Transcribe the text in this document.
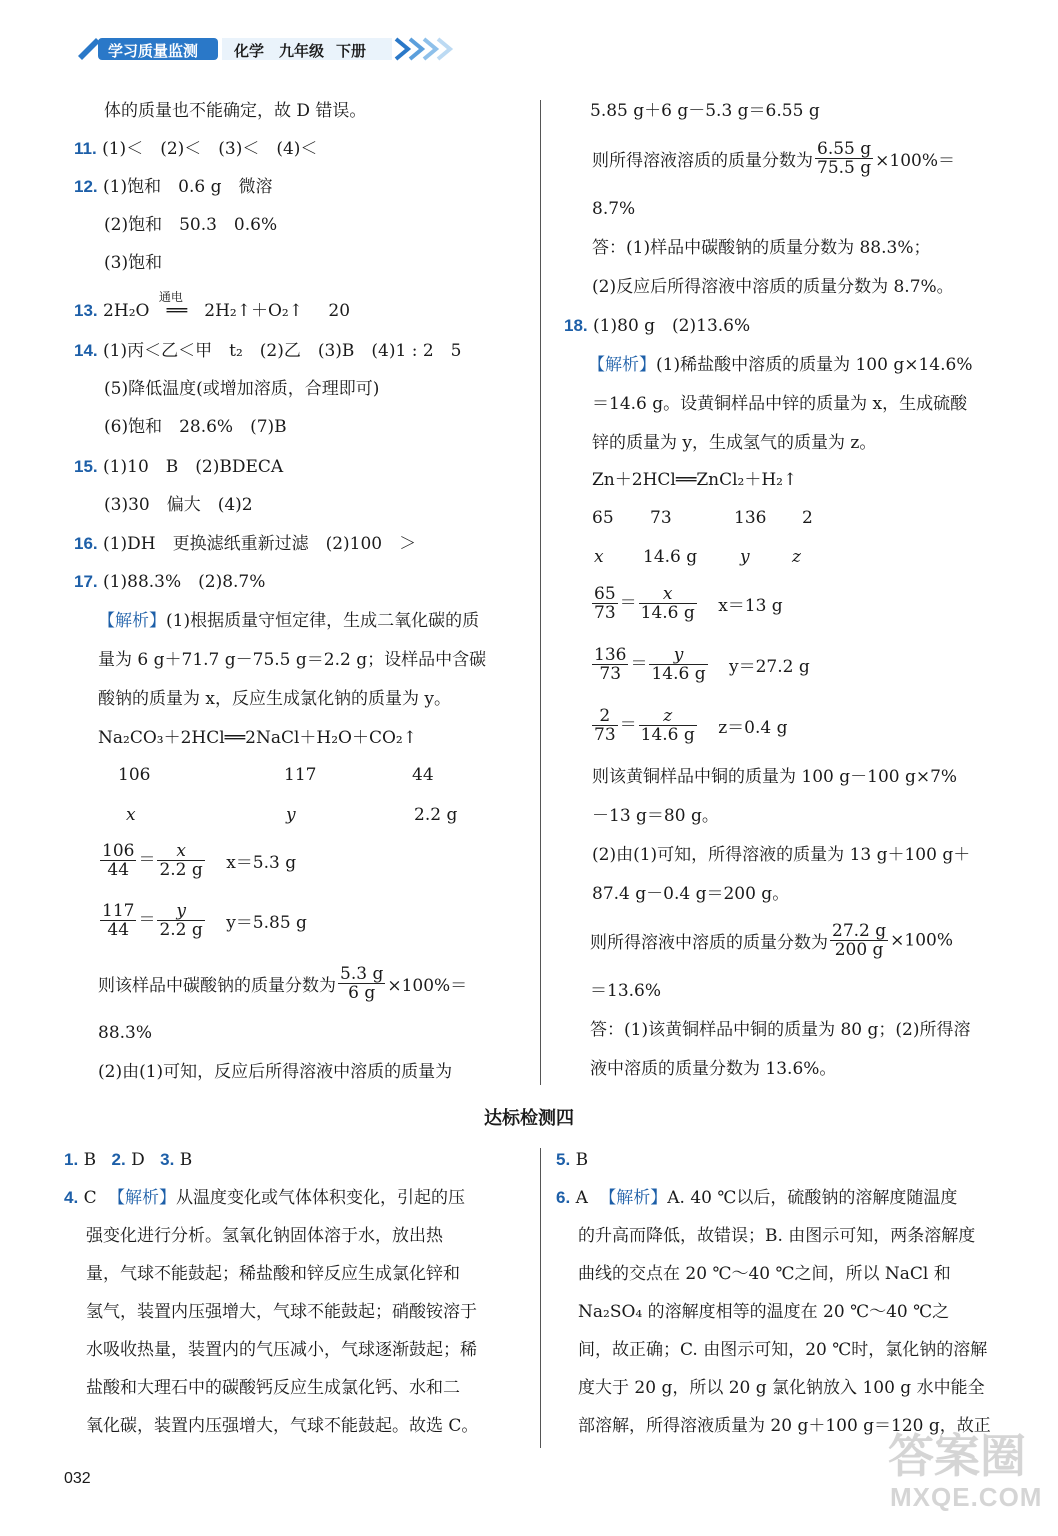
学习质量监测 化学 九年级 下册
体的质量也不能确定，故 D 错误。
11. (1)＜　(2)＜　(3)＜　(4)＜
12. (1)饱和　0.6 g　微溶
(2)饱和　50.3　0.6%
(3)饱和
13. 2H₂O
通电
══ 2H₂↑＋O₂↑ 20
14. (1)丙＜乙＜甲　t₂　(2)乙　(3)B　(4)1 : 2　5
(5)降低温度(或增加溶质，合理即可)
(6)饱和　28.6%　(7)B
15. (1)10　B　(2)BDECA
(3)30　偏大　(4)2
16. (1)DH　更换滤纸重新过滤　(2)100　＞
17. (1)88.3%　(2)8.7%
【解析】(1)根据质量守恒定律，生成二氧化碳的质
量为 6 g＋71.7 g－75.5 g＝2.2 g；设样品中含碳
酸钠的质量为 x，反应生成氯化钠的质量为 y。
Na₂CO₃＋2HCl══2NaCl＋H₂O＋CO₂↑
106	117	44
x	y	2.2 g
$\frac{106}{44} = \frac{x}{2.2 g} x=5.3$ g
$\frac{117}{44} = \frac{y}{2.2 g} y=5.85$ g
则该样品中碳酸钠的质量分数为 $\frac{5.3 g}{6 g} \times 100\%=$
88.3%
(2)由(1)可知，反应后所得溶液中溶质的质量为
5.85 g＋6 g－5.3 g＝6.55 g
则所得溶液溶质的质量分数为 $\frac{6.55 g}{75.5 g} \times 100\%=$
8.7%
答：(1)样品中碳酸钠的质量分数为 88.3%；
(2)反应后所得溶液中溶质的质量分数为 8.7%。
18. (1)80 g　(2)13.6%
【解析】(1)稀盐酸中溶质的质量为 100 g×14.6%
＝14.6 g。设黄铜样品中锌的质量为 x，生成硫酸
锌的质量为 y，生成氢气的质量为 z。
Zn＋2HCl══ZnCl₂＋H₂↑
65 73	136 2
x 14.6 g	y z
$\frac{65}{73} = \frac{x}{14.6 g} x=13$ g
$\frac{136}{73} = \frac{y}{14.6 g} y=27.2$ g
$\frac{2}{73} = \frac{z}{14.6 g} z=0.4$ g
则该黄铜样品中铜的质量为 100 g－100 g×7%
－13 g＝80 g。
(2)由(1)可知，所得溶液的质量为 13 g＋100 g＋
87.4 g－0.4 g＝200 g。
则所得溶液中溶质的质量分数为 $\frac{27.2 g}{200 g} \times 100\%$
＝13.6%
答：(1)该黄铜样品中铜的质量为 80 g；(2)所得溶
液中溶质的质量分数为 13.6%。
达标检测四
1. B 2. D 3. B
4. C 【解析】从温度变化或气体体积变化，引起的压
强变化进行分析。氢氧化钠固体溶于水，放出热
量，气球不能鼓起；稀盐酸和锌反应生成氯化锌和
氢气，装置内压强增大，气球不能鼓起；硝酸铵溶于
水吸收热量，装置内的气压减小，气球逐渐鼓起；稀
盐酸和大理石中的碳酸钙反应生成氯化钙、水和二
氧化碳，装置内压强增大，气球不能鼓起。故选 C。
5. B
6. A 【解析】A. 40 ℃以后，硫酸钠的溶解度随温度
的升高而降低，故错误；B. 由图示可知，两条溶解度
曲线的交点在 20 ℃～40 ℃之间，所以 NaCl 和
Na₂SO₄ 的溶解度相等的温度在 20 ℃～40 ℃之
间，故正确；C. 由图示可知，20 ℃时，氯化钠的溶解
度大于 20 g，所以 20 g 氯化钠放入 100 g 水中能全
部溶解，所得溶液质量为 20 g＋100 g＝120 g，故正
032	答案圈
MXQE.COM
